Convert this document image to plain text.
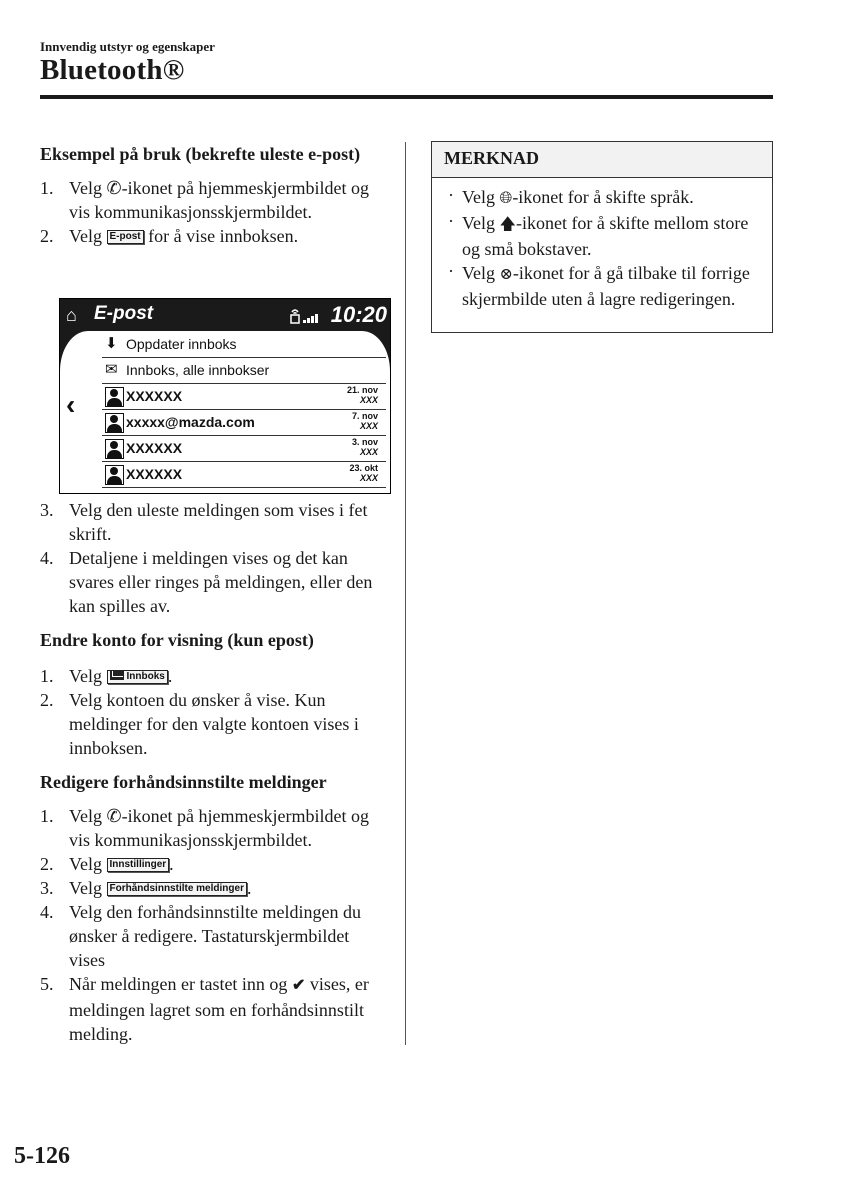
Innvendig utstyr og egenskaper
Bluetooth®
Eksempel på bruk (bekrefte uleste e-post)
1. Velg ✆-ikonet på hjemmeskjermbildet og vis kommunikasjonsskjermbildet.
2. Velg E-post for å vise innboksen.
⌂ E-post	10:20
‹
⬇ Oppdater innboks
✉ Innboks, alle innbokser
XXXXXX	21. nov
XXX
xxxxx@mazda.com	7. nov
XXX
XXXXXX	3. nov
XXX
XXXXXX	23. okt
XXX
3. Velg den uleste meldingen som vises i fet skrift.
4. Detaljene i meldingen vises og det kan svares eller ringes på meldingen, eller den kan spilles av.
Endre konto for visning (kun epost)
1. Velg Innboks .
2. Velg kontoen du ønsker å vise. Kun meldinger for den valgte kontoen vises i innboksen.
Redigere forhåndsinnstilte meldinger
1. Velg ✆-ikonet på hjemmeskjermbildet og vis kommunikasjonsskjermbildet.
2. Velg Innstillinger .
3. Velg Forhåndsinnstilte meldinger .
4. Velg den forhåndsinnstilte meldingen du ønsker å redigere. Tastaturskjermbildet vises
5. Når meldingen er tastet inn og ✔ vises, er meldingen lagret som en forhåndsinnstilt melding.
MERKNAD
· Velg 🌐︎-ikonet for å skifte språk.
· Velg 🡅-ikonet for å skifte mellom store og små bokstaver.
· Velg ⊗-ikonet for å gå tilbake til forrige skjermbilde uten å lagre redigeringen.
5-126
